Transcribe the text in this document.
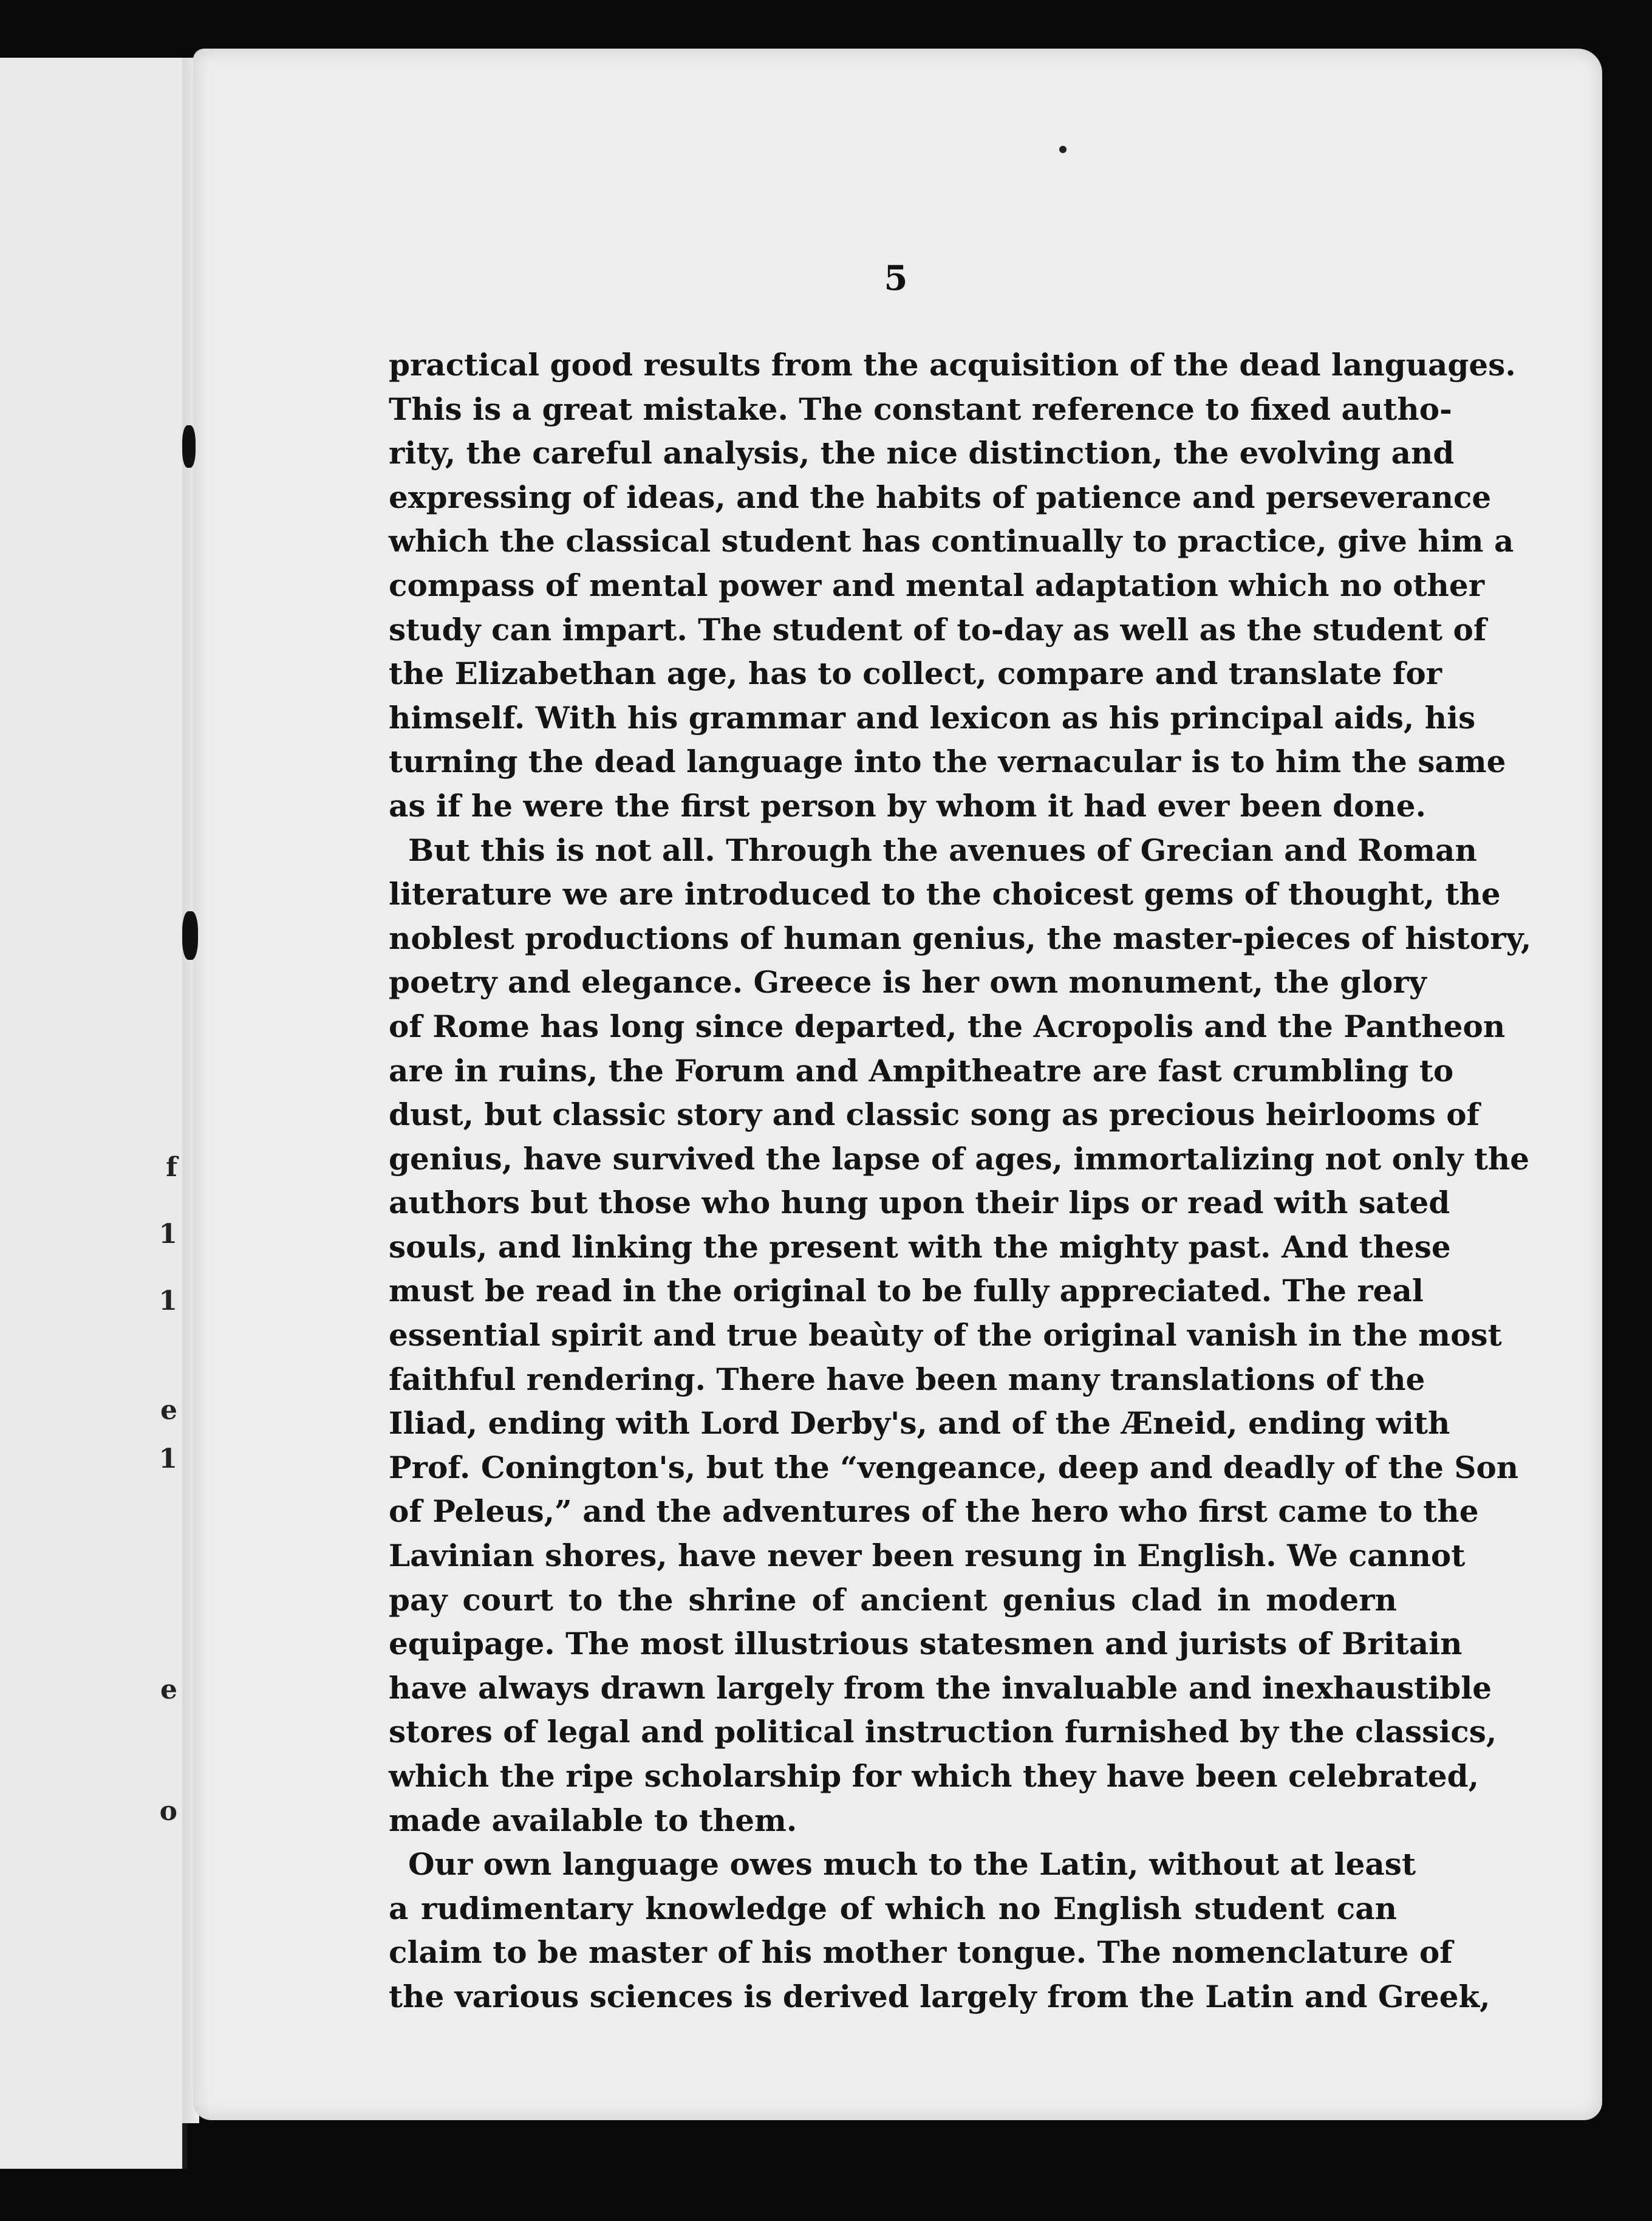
f
1
1
e
1
e
o
5
practical good results from the acquisition of the dead languages.
This is a great mistake. The constant reference to fixed autho-
rity, the careful analysis, the nice distinction, the evolving and
expressing of ideas, and the habits of patience and perseverance
which the classical student has continually to practice, give him a
compass of mental power and mental adaptation which no other
study can impart. The student of to-day as well as the student of
the Elizabethan age, has to collect, compare and translate for
himself. With his grammar and lexicon as his principal aids, his
turning the dead language into the vernacular is to him the same
as if he were the first person by whom it had ever been done.
But this is not all. Through the avenues of Grecian and Roman
literature we are introduced to the choicest gems of thought, the
noblest productions of human genius, the master-pieces of history,
poetry and elegance. Greece is her own monument, the glory
of Rome has long since departed, the Acropolis and the Pantheon
are in ruins, the Forum and Ampitheatre are fast crumbling to
dust, but classic story and classic song as precious heirlooms of
genius, have survived the lapse of ages, immortalizing not only the
authors but those who hung upon their lips or read with sated
souls, and linking the present with the mighty past. And these
must be read in the original to be fully appreciated. The real
essential spirit and true beaùty of the original vanish in the most
faithful rendering. There have been many translations of the
Iliad, ending with Lord Derby's, and of the Æneid, ending with
Prof. Conington's, but the “vengeance, deep and deadly of the Son
of Peleus,” and the adventures of the hero who first came to the
Lavinian shores, have never been resung in English. We cannot
pay court to the shrine of ancient genius clad in modern
equipage. The most illustrious statesmen and jurists of Britain
have always drawn largely from the invaluable and inexhaustible
stores of legal and political instruction furnished by the classics,
which the ripe scholarship for which they have been celebrated,
made available to them.
Our own language owes much to the Latin, without at least
a rudimentary knowledge of which no English student can
claim to be master of his mother tongue. The nomenclature of
the various sciences is derived largely from the Latin and Greek,
